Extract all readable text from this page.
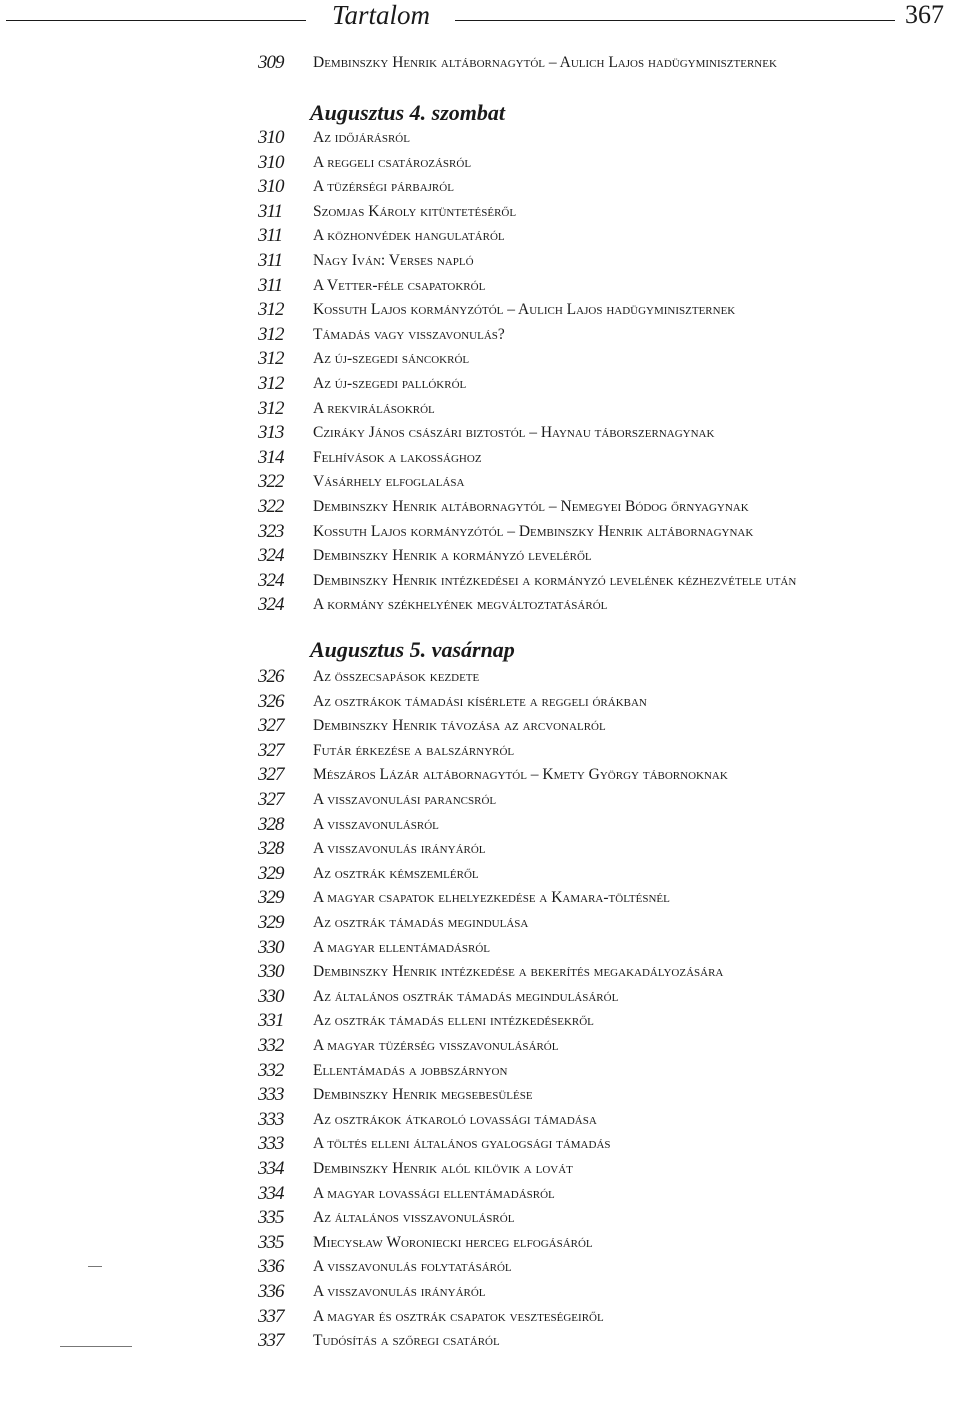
Tartalom	367
309	Dembinszky Henrik altábornagytól – Aulich Lajos hadügyminiszternek
Augusztus 4. szombat
310	Az időjárásról
310	A reggeli csatározásról
310	A tüzérségi párbajról
311	Szomjas Károly kitüntetéséről
311	A közhonvédek hangulatáról
311	Nagy Iván: Verses napló
311	A Vetter-féle csapatokról
312	Kossuth Lajos kormányzótól – Aulich Lajos hadügyminiszternek
312	Támadás vagy visszavonulás?
312	Az új-szegedi sáncokról
312	Az új-szegedi pallókról
312	A rekvirálásokról
313	Cziráky János császári biztostól – Haynau táborszernagynak
314	Felhívások a lakossághoz
322	Vásárhely elfoglalása
322	Dembinszky Henrik altábornagytól – Nemegyei Bódog őrnyagynak
323	Kossuth Lajos kormányzótól – Dembinszky Henrik altábornagynak
324	Dembinszky Henrik a kormányzó leveléről
324	Dembinszky Henrik intézkedései a kormányzó levelének kézhezvétele után
324	A kormány székhelyének megváltoztatásáról
Augusztus 5. vasárnap
326	Az összecsapások kezdete
326	Az osztrákok támadási kísérlete a reggeli órákban
327	Dembinszky Henrik távozása az arcvonalról
327	Futár érkezése a balszárnyról
327	Mészáros Lázár altábornagytól – Kmety György tábornoknak
327	A visszavonulási parancsról
328	A visszavonulásról
328	A visszavonulás irányáról
329	Az osztrák kémszemléről
329	A magyar csapatok elhelyezkedése a Kamara-töltésnél
329	Az osztrák támadás megindulása
330	A magyar ellentámadásról
330	Dembinszky Henrik intézkedése a bekerítés megakadályozására
330	Az általános osztrák támadás megindulásáról
331	Az osztrák támadás elleni intézkedésekről
332	A magyar tüzérség visszavonulásáról
332	Ellentámadás a jobbszárnyon
333	Dembinszky Henrik megsebesülése
333	Az osztrákok átkaroló lovassági támadása
333	A töltés elleni általános gyalogsági támadás
334	Dembinszky Henrik alól kilövik a lovát
334	A magyar lovassági ellentámadásról
335	Az általános visszavonulásról
335	Miecysław Woroniecki herceg elfogásáról
336	A visszavonulás folytatásáról
336	A visszavonulás irányáról
337	A magyar és osztrák csapatok veszteségeiről
337	Tudósítás a szőregi csatáról
